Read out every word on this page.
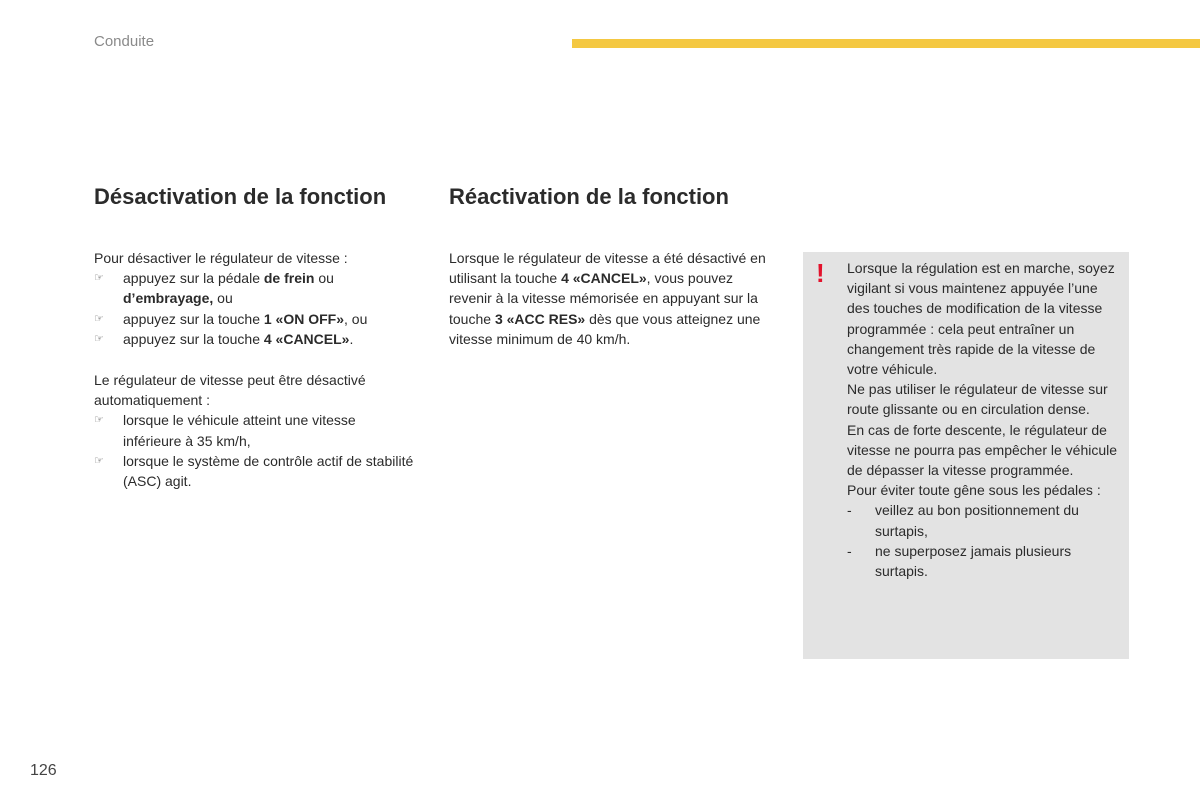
Conduite
Désactivation de la fonction	Réactivation de la fonction

Pour désactiver le régulateur de vitesse :

☞	appuyez sur la pédale de frein ou d’embrayage, ou
☞	appuyez sur la touche 1 «ON OFF», ou
☞	appuyez sur la touche 4 «CANCEL».

Le régulateur de vitesse peut être désactivé automatiquement :

☞	lorsque le véhicule atteint une vitesse inférieure à 35 km/h,
☞	lorsque le système de contrôle actif de stabilité (ASC) agit.

Lorsque le régulateur de vitesse a été désactivé en utilisant la touche 4 «CANCEL», vous pouvez revenir à la vitesse mémorisée en appuyant sur la touche 3 «ACC RES» dès que vous atteignez une vitesse minimum de 40 km/h.

! Lorsque la régulation est en marche, soyez vigilant si vous maintenez appuyée l’une des touches de modification de la vitesse programmée : cela peut entraîner un changement très rapide de la vitesse de votre véhicule.

Ne pas utiliser le régulateur de vitesse sur route glissante ou en circulation dense.

En cas de forte descente, le régulateur de vitesse ne pourra pas empêcher le véhicule de dépasser la vitesse programmée.

Pour éviter toute gêne sous les pédales :

- veillez au bon positionnement du surtapis,
- ne superposez jamais plusieurs surtapis.
126
